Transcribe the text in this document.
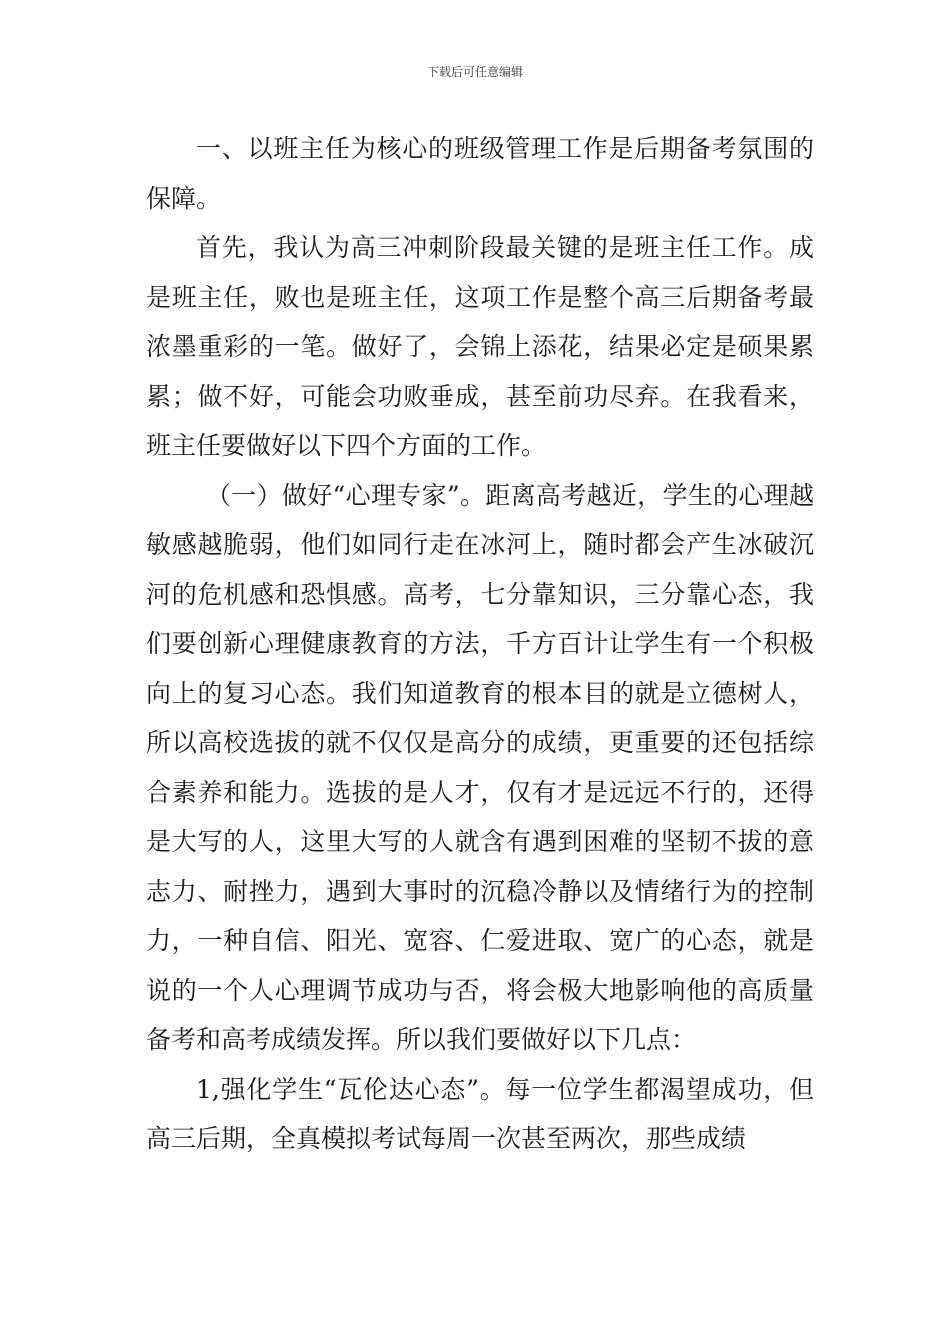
下载后可任意编辑

一、以班主任为核心的班级管理工作是后期备考氛围的保障。

首先，我认为高三冲刺阶段最关键的是班主任工作。成是班主任，败也是班主任，这项工作是整个高三后期备考最浓墨重彩的一笔。做好了，会锦上添花，结果必定是硕果累累；做不好，可能会功败垂成，甚至前功尽弃。在我看来，班主任要做好以下四个方面的工作。

（一）做好“心理专家”。距离高考越近，学生的心理越敏感越脆弱，他们如同行走在冰河上，随时都会产生冰破沉河的危机感和恐惧感。高考，七分靠知识，三分靠心态，我们要创新心理健康教育的方法，千方百计让学生有一个积极向上的复习心态。我们知道教育的根本目的就是立德树人，所以高校选拔的就不仅仅是高分的成绩，更重要的还包括综合素养和能力。选拔的是人才，仅有才是远远不行的，还得是大写的人，这里大写的人就含有遇到困难的坚韧不拔的意志力、耐挫力，遇到大事时的沉稳冷静以及情绪行为的控制力，一种自信、阳光、宽容、仁爱进取、宽广的心态，就是说的一个人心理调节成功与否，将会极大地影响他的高质量备考和高考成绩发挥。所以我们要做好以下几点：

1,强化学生“瓦伦达心态”。每一位学生都渴望成功，但高三后期，全真模拟考试每周一次甚至两次，那些成绩
